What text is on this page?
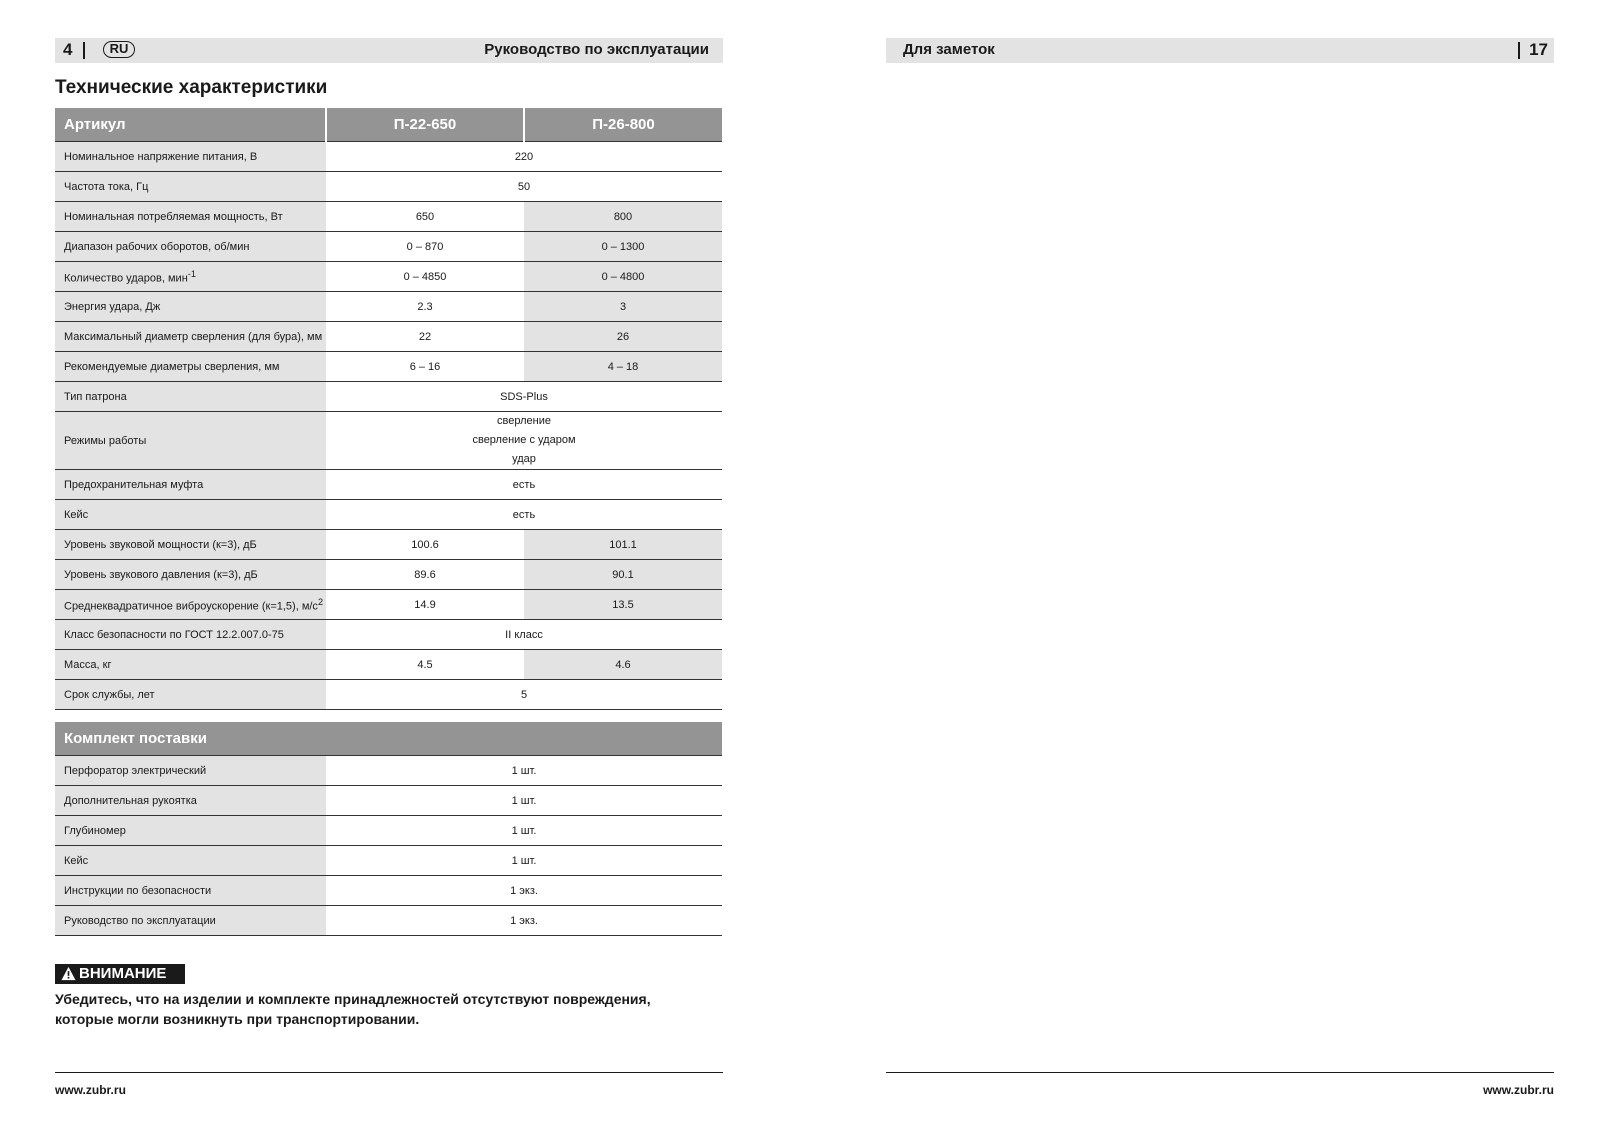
4	RU	Руководство по эксплуатации
Технические характеристики
Артикул	П-22-650	П-26-800
Номинальное напряжение питания, В	220	
Частота тока, Гц	50	
Номинальная потребляемая мощность, Вт	650	800
Диапазон рабочих оборотов, об/мин	0 – 870	0 – 1300
Количество ударов, мин$^{-1}$	0 – 4850	0 – 4800
Энергия удара, Дж	2.3	3
Максимальный диаметр сверления (для бура), мм	22	26
Рекомендуемые диаметры сверления, мм	6 – 16	4 – 18
Тип патрона	SDS-Plus	
Режимы работы	сверление
сверление с ударом
удар	

Предохранительная муфта	есть	
Кейс	есть	
Уровень звуковой мощности (к=3), дБ	100.6	101.1
Уровень звукового давления (к=3), дБ	89.6	90.1
Среднеквадратичное виброускорение (к=1,5), $м/с^2$	14.9	13.5
Класс безопасности по ГОСТ 12.2.007.0-75	II класс	
Масса, кг	4.5	4.6
Срок службы, лет	5	
Комплект поставки	
Перфоратор электрический	1 шт.
Дополнительная рукоятка	1 шт.
Глубиномер	1 шт.
Кейс	1 шт.
Инструкции по безопасности	1 экз.
Руководство по эксплуатации	1 экз.
ВНИМАНИЕ

Убедитесь, что на изделии и комплекте принадлежностей отсутствуют повреждения,
которые могли возникнуть при транспортировании.

www.zubr.ru
Для заметок	17
www.zubr.ru
